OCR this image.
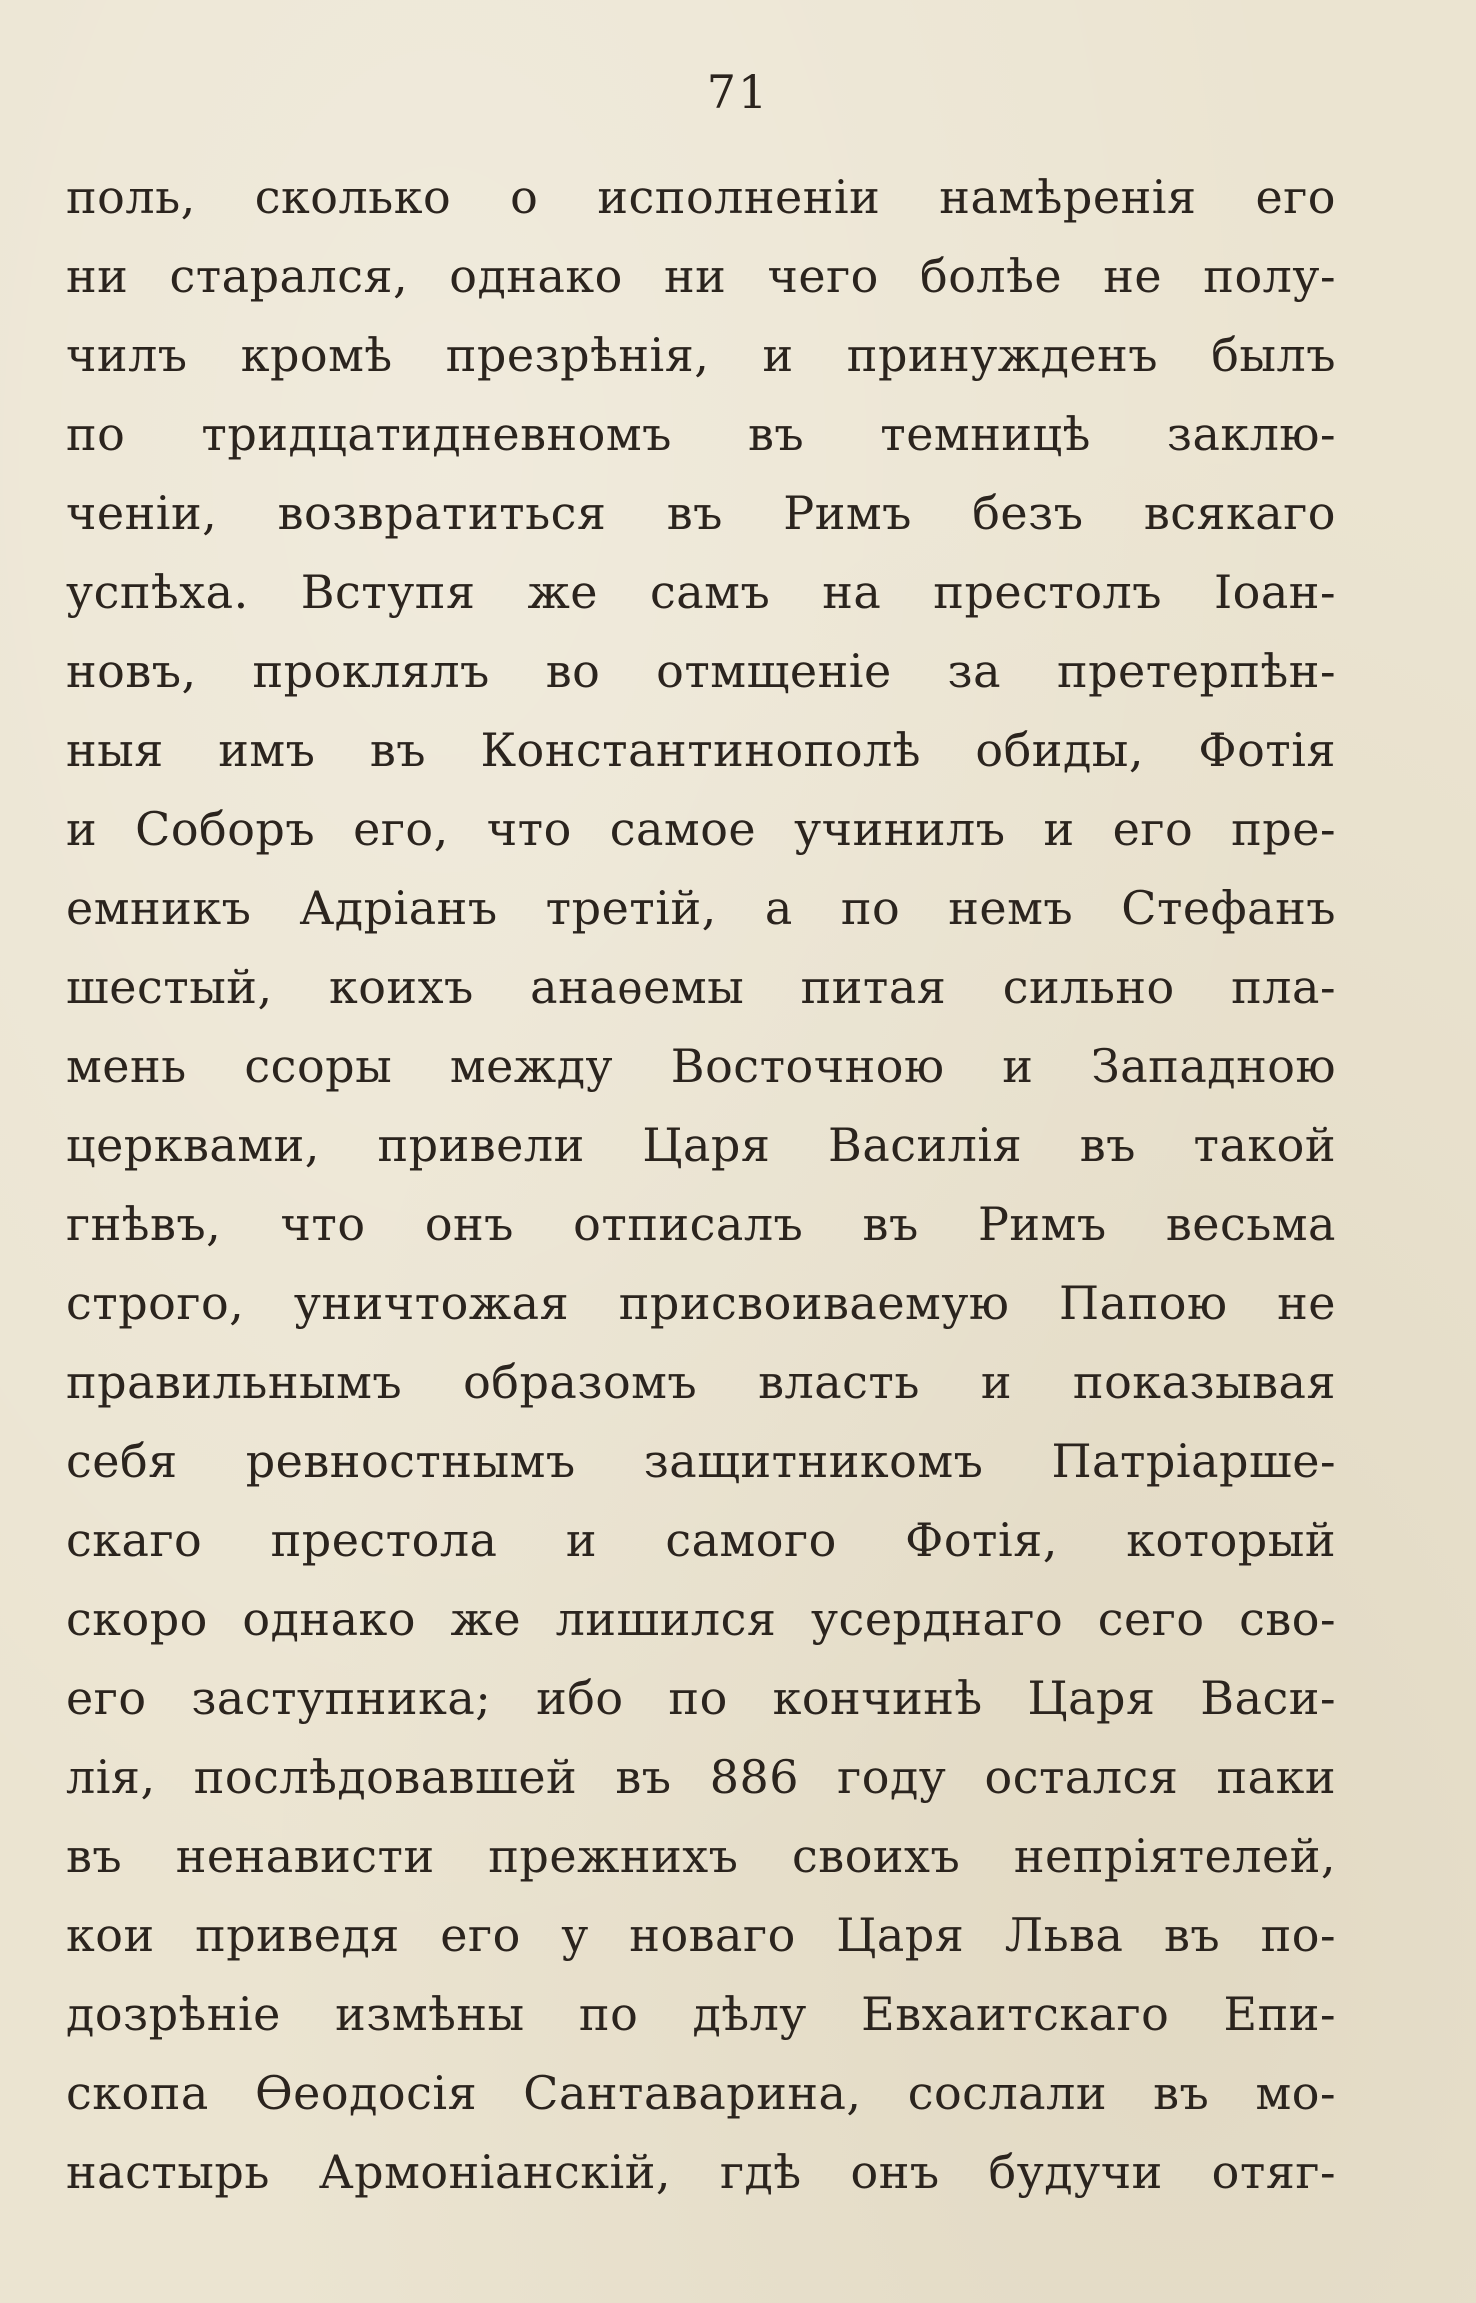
71
поль, сколько о исполненіи намѣренія его
ни старался, однако ни чего болѣе не полу-
чилъ кромѣ презрѣнія, и принужденъ былъ
по тридцатидневномъ въ темницѣ заклю-
ченіи, возвратиться въ Римъ безъ всякаго
успѣха. Вступя же самъ на престолъ Іоан-
новъ, проклялъ во отмщеніе за претерпѣн-
ныя имъ въ Константинополѣ обиды, Фотія
и Соборъ его, что самое учинилъ и его пре-
емникъ Адріанъ третій, а по немъ Стефанъ
шестый, коихъ анаѳемы питая сильно пла-
мень ссоры между Восточною и Западною
церквами, привели Царя Василія въ такой
гнѣвъ, что онъ отписалъ въ Римъ весьма
строго, уничтожая присвоиваемую Папою не
правильнымъ образомъ власть и показывая
себя ревностнымъ защитникомъ Патріарше-
скаго престола и самого Фотія, который
скоро однако же лишился усерднаго сего сво-
его заступника; ибо по кончинѣ Царя Васи-
лія, послѣдовавшей въ 886 году остался паки
въ ненависти прежнихъ своихъ непріятелей,
кои приведя его у новаго Царя Льва въ по-
дозрѣніе измѣны по дѣлу Евхаитскаго Епи-
скопа Ѳеодосія Сантаварина, сослали въ мо-
настырь Армоніанскій, гдѣ онъ будучи отяг-
